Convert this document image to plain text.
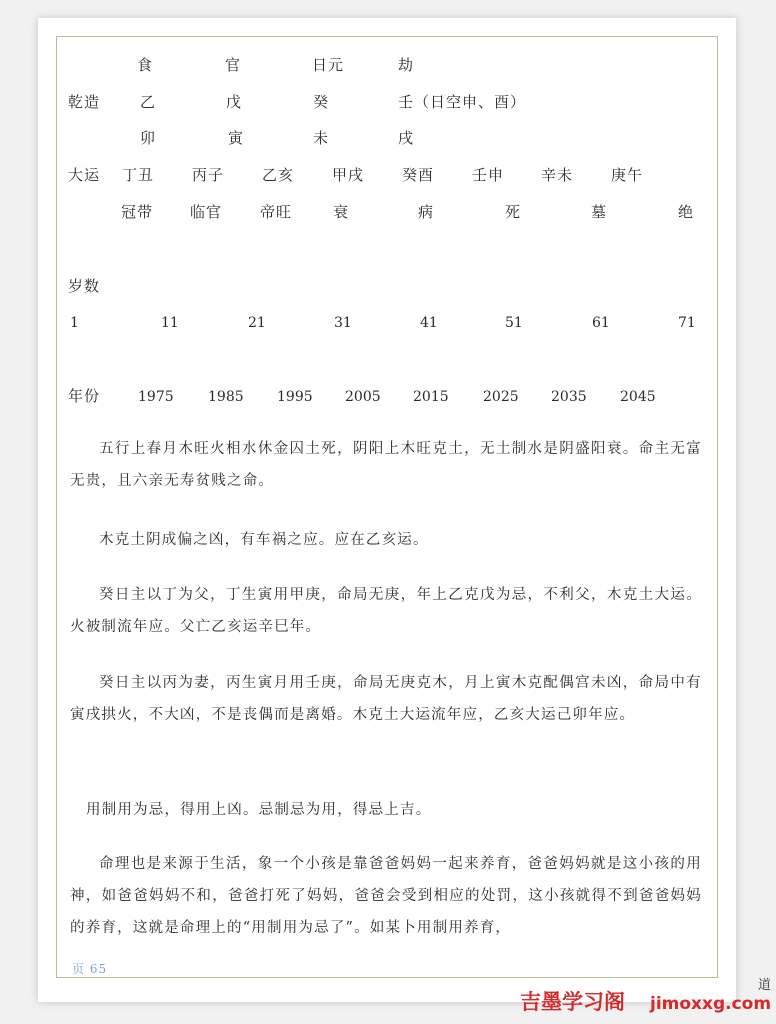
食	官	日元	劫
乾造	乙	戊	癸	壬（日空申、酉）
卯	寅	未	戌
大运 丁丑	丙子	乙亥	甲戌	癸酉	壬申 辛未	庚午
冠带 临官	帝旺	衰	病	死	墓	绝
岁数
1	11	21	31	41	51	61	71
年份	1975 1985 1995 2005 2015 2025 2035 2045

五行上春月木旺火相水休金囚土死，阴阳上木旺克土，无土制水是阴盛阳衰。命主无富无贵，且六亲无寿贫贱之命。

木克土阴成偏之凶，有车祸之应。应在乙亥运。

癸日主以丁为父，丁生寅用甲庚，命局无庚，年上乙克戊为忌，不利父，木克土大运。火被制流年应。父亡乙亥运辛巳年。

癸日主以丙为妻，丙生寅月用壬庚，命局无庚克木，月上寅木克配偶宫未凶，命局中有寅戌拱火，不大凶，不是丧偶而是离婚。木克土大运流年应，乙亥大运己卯年应。

用制用为忌，得用上凶。忌制忌为用，得忌上吉。

命理也是来源于生活，象一个小孩是靠爸爸妈妈一起来养育，爸爸妈妈就是这小孩的用神，如爸爸妈妈不和，爸爸打死了妈妈，爸爸会受到相应的处罚，这小孩就得不到爸爸妈妈的养育，这就是命理上的“用制用为忌了”。如某卜用制用养育，

页 65
道
吉墨学习阁 jimoxxg.com
